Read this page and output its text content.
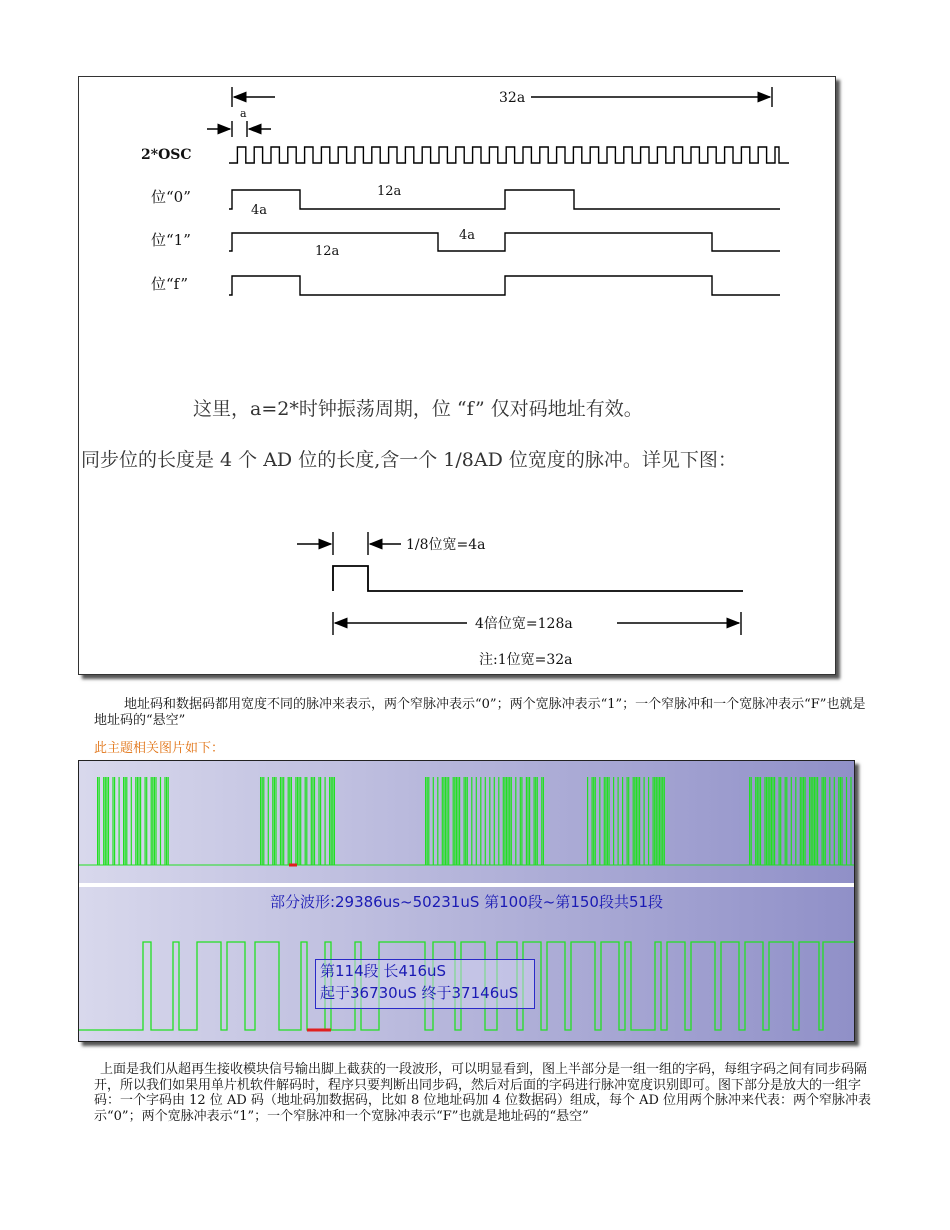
32a
a
2*OSC
位“0”
4a
12a
位“1”
12a
4a
位“f”
这里，a=2*时钟振荡周期，位 “f” 仅对码地址有效。
同步位的长度是 4 个 AD 位的长度,含一个 1/8AD 位宽度的脉冲。详见下图：
1/8位宽=4a
4倍位宽=128a
注:1位宽=32a

地址码和数据码都用宽度不同的脉冲来表示，两个窄脉冲表示“0”；两个宽脉冲表示“1”；一个窄脉冲和一个宽脉冲表示“F”也就是地址码的“悬空”

此主题相关图片如下：

部分波形:29386us~50231uS 第100段~第150段共51段
第114段 长416uS
起于36730uS 终于37146uS

上面是我们从超再生接收模块信号输出脚上截获的一段波形，可以明显看到，图上半部分是一组一组的字码，每组字码之间有同步码隔开，所以我们如果用单片机软件解码时，程序只要判断出同步码，然后对后面的字码进行脉冲宽度识别即可。图下部分是放大的一组字码：一个字码由 12 位 AD 码（地址码加数据码，比如 8 位地址码加 4 位数据码）组成，每个 AD 位用两个脉冲来代表：两个窄脉冲表示“0”；两个宽脉冲表示“1”；一个窄脉冲和一个宽脉冲表示“F”也就是地址码的“悬空”
